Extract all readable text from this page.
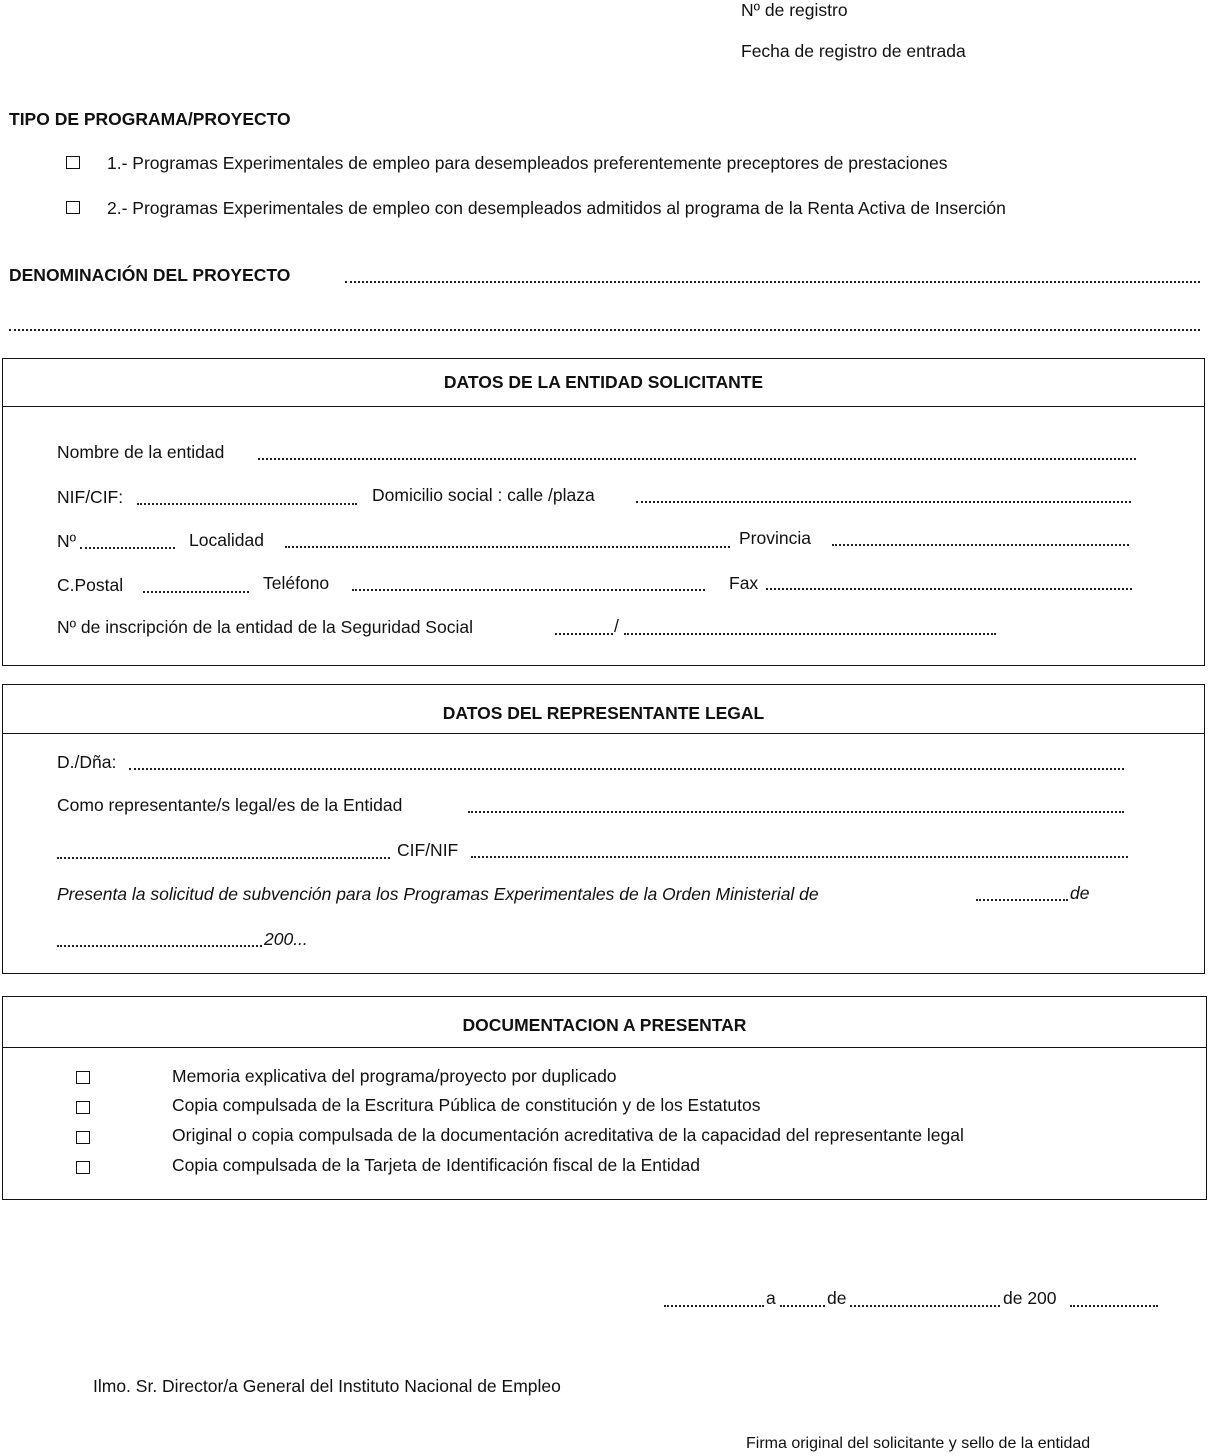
Nº de registro
Fecha de registro de entrada
TIPO DE PROGRAMA/PROYECTO
1.- Programas Experimentales de empleo para desempleados preferentemente preceptores de prestaciones
2.- Programas Experimentales de empleo con desempleados admitidos al programa de la Renta Activa de Inserción
DENOMINACIÓN DEL PROYECTO
DATOS DE LA ENTIDAD SOLICITANTE
Nombre de la entidad
NIF/CIF:	Domicilio social : calle /plaza
Nº	Localidad	Provincia
C.Postal	Teléfono	Fax
Nº de inscripción de la entidad de la Seguridad Social	/
DATOS DEL REPRESENTANTE LEGAL
D./Dña:
Como representante/s legal/es de la Entidad
CIF/NIF
Presenta la solicitud de subvención para los Programas Experimentales de la Orden Ministerial de	de
200...
DOCUMENTACION A PRESENTAR
Memoria explicativa del programa/proyecto por duplicado
Copia compulsada de la Escritura Pública de constitución y de los Estatutos
Original o copia compulsada de la documentación acreditativa de la capacidad del representante legal
Copia compulsada de la Tarjeta de Identificación fiscal de la Entidad
a	de	de 200
Ilmo. Sr. Director/a General del Instituto Nacional de Empleo
Firma original del solicitante y sello de la entidad
